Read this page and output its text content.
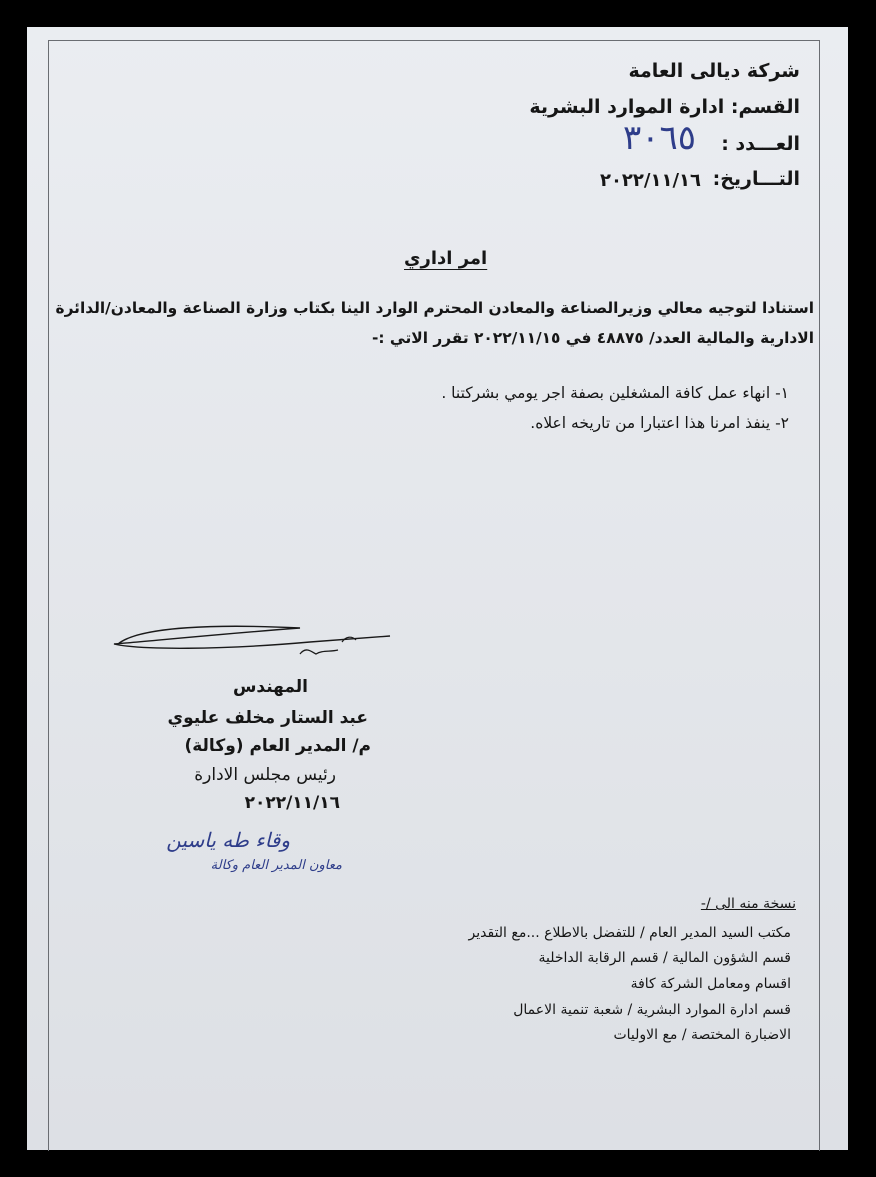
شركة ديالى العامة
القسم: ادارة الموارد البشرية
العـــدد :
٣٠٦٥
التـــاريخ:
٢٠٢٢/١١/١٦
امر اداري
استنادا لتوجيه معالي وزيرالصناعة والمعادن المحترم الوارد الينا بكتاب وزارة الصناعة والمعادن/الدائرة
الادارية والمالية العدد/ ٤٨٨٧٥ في ٢٠٢٢/١١/١٥ تقرر الاتي :-
١- انهاء عمل كافة المشغلين بصفة اجر يومي بشركتنا .
٢- ينفذ امرنا هذا اعتبارا من تاريخه اعلاه.
المهندس
عبد الستار مخلف عليوي
م/ المدير العام (وكالة)
رئيس مجلس الادارة
٢٠٢٢/١١/١٦
وقاء طه ياسين
معاون المدير العام وكالة
نسخة منه الى /-
مكتب السيد المدير العام / للتفضل بالاطلاع ...مع التقدير
قسم الشؤون المالية / قسم الرقابة الداخلية
اقسام ومعامل الشركة كافة
قسم ادارة الموارد البشرية / شعبة تنمية الاعمال
الاضبارة المختصة / مع الاوليات
